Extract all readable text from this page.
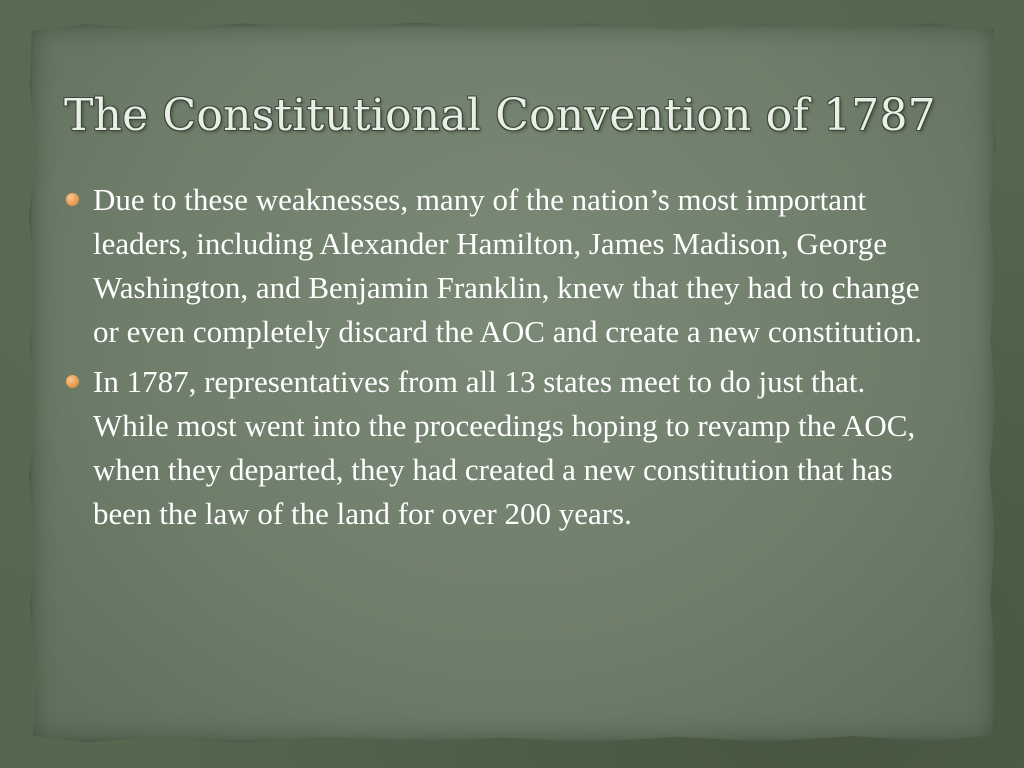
The Constitutional Convention of 1787
Due to these weaknesses, many of the nation’s most important leaders, including Alexander Hamilton, James Madison, George Washington, and Benjamin Franklin, knew that they had to change or even completely discard the AOC and create a new constitution.
In 1787, representatives from all 13 states meet to do just that. While most went into the proceedings hoping to revamp the AOC, when they departed, they had created a new constitution that has been the law of the land for over 200 years.
